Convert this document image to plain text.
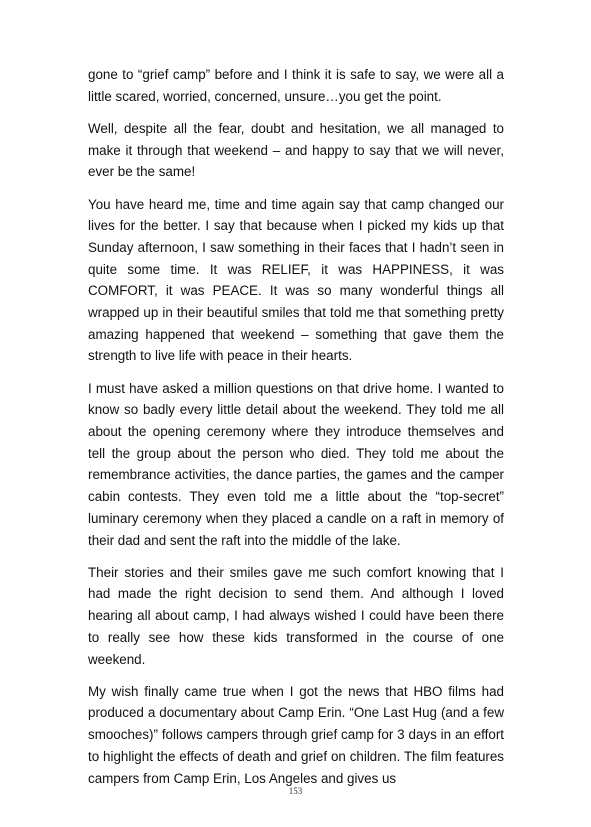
gone to “grief camp” before and I think it is safe to say, we were all a little scared, worried, concerned, unsure…you get the point.

Well, despite all the fear, doubt and hesitation, we all managed to make it through that weekend – and happy to say that we will never, ever be the same!

You have heard me, time and time again say that camp changed our lives for the better. I say that because when I picked my kids up that Sunday afternoon, I saw something in their faces that I hadn’t seen in quite some time. It was RELIEF, it was HAPPINESS, it was COMFORT, it was PEACE. It was so many wonderful things all wrapped up in their beautiful smiles that told me that something pretty amazing happened that weekend – something that gave them the strength to live life with peace in their hearts.

I must have asked a million questions on that drive home. I wanted to know so badly every little detail about the weekend. They told me all about the opening ceremony where they introduce themselves and tell the group about the person who died. They told me about the remembrance activities, the dance parties, the games and the camper cabin contests. They even told me a little about the “top-secret” luminary ceremony when they placed a candle on a raft in memory of their dad and sent the raft into the middle of the lake.

Their stories and their smiles gave me such comfort knowing that I had made the right decision to send them. And although I loved hearing all about camp, I had always wished I could have been there to really see how these kids transformed in the course of one weekend.

My wish finally came true when I got the news that HBO films had produced a documentary about Camp Erin. “One Last Hug (and a few smooches)” follows campers through grief camp for 3 days in an effort to highlight the effects of death and grief on children. The film features campers from Camp Erin, Los Angeles and gives us

153
